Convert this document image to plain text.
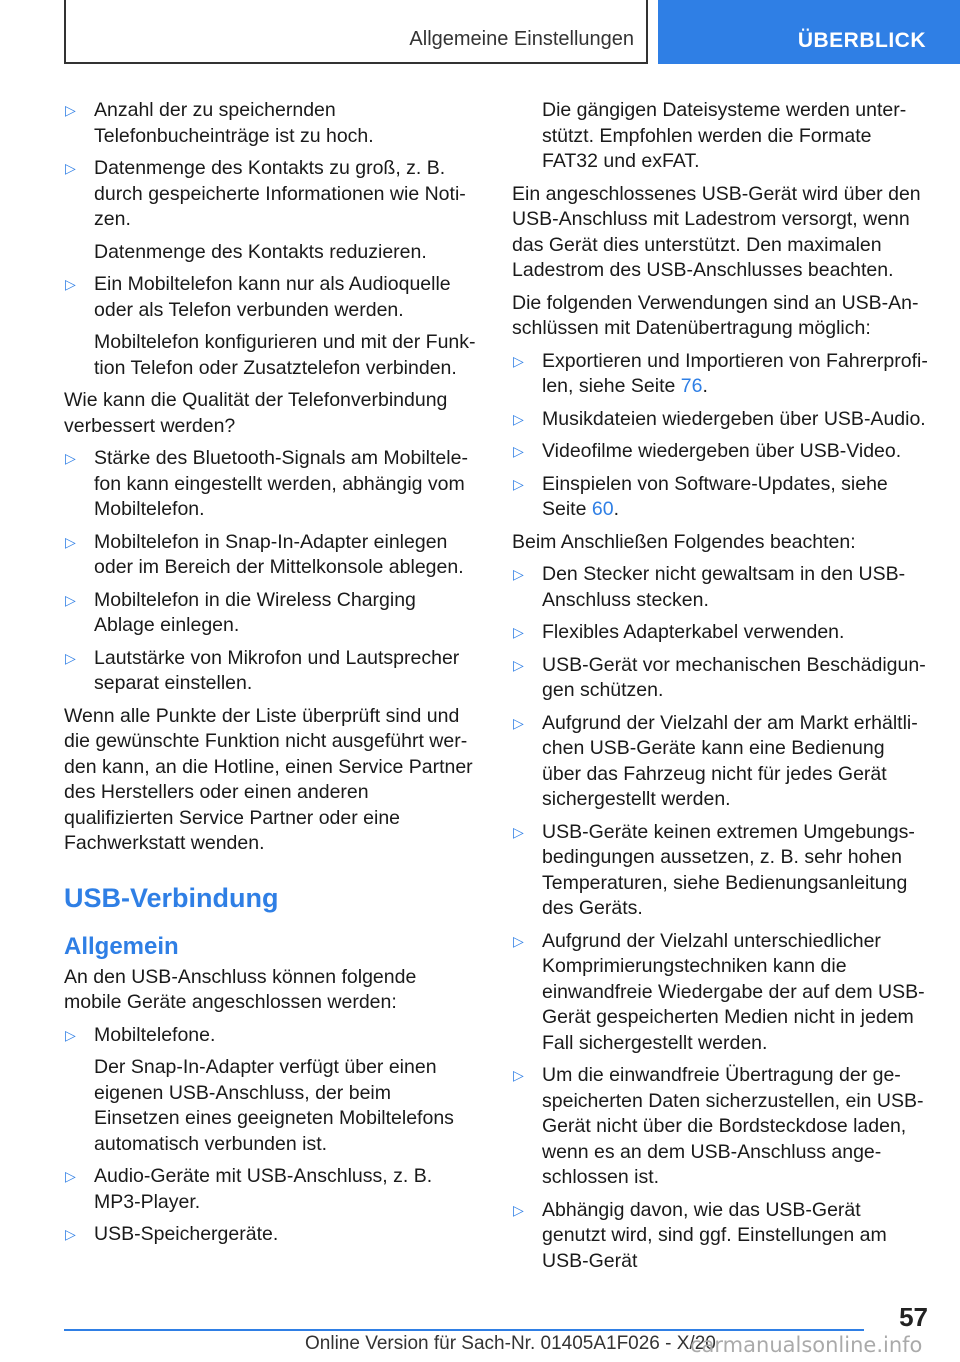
Allgemeine Einstellungen	ÜBERBLICK
▷ Anzahl der zu speichernden Telefonbucheinträge ist zu hoch.
▷ Datenmenge des Kontakts zu groß, z. B. durch gespeicherte Informationen wie Notizen.
Datenmenge des Kontakts reduzieren.
▷ Ein Mobiltelefon kann nur als Audioquelle oder als Telefon verbunden werden.
Mobiltelefon konfigurieren und mit der Funktion Telefon oder Zusatztelefon verbinden.
Wie kann die Qualität der Telefonverbindung verbessert werden?
▷ Stärke des Bluetooth-Signals am Mobiltelefon kann eingestellt werden, abhängig vom Mobiltelefon.
▷ Mobiltelefon in Snap-In-Adapter einlegen oder im Bereich der Mittelkonsole ablegen.
▷ Mobiltelefon in die Wireless Charging Ablage einlegen.
▷ Lautstärke von Mikrofon und Lautsprecher separat einstellen.
Wenn alle Punkte der Liste überprüft sind und die gewünschte Funktion nicht ausgeführt werden kann, an die Hotline, einen Service Partner des Herstellers oder einen anderen qualifizierten Service Partner oder eine Fachwerkstatt wenden.
USB-Verbindung
Allgemein
An den USB-Anschluss können folgende mobile Geräte angeschlossen werden:
▷ Mobiltelefone.
Der Snap-In-Adapter verfügt über einen eigenen USB-Anschluss, der beim Einsetzen eines geeigneten Mobiltelefons automatisch verbunden ist.
▷ Audio-Geräte mit USB-Anschluss, z. B. MP3-Player.
▷ USB-Speichergeräte.
Die gängigen Dateisysteme werden unterstützt. Empfohlen werden die Formate FAT32 und exFAT.
Ein angeschlossenes USB-Gerät wird über den USB-Anschluss mit Ladestrom versorgt, wenn das Gerät dies unterstützt. Den maximalen Ladestrom des USB-Anschlusses beachten.
Die folgenden Verwendungen sind an USB-Anschlüssen mit Datenübertragung möglich:
▷ Exportieren und Importieren von Fahrerprofilen, siehe Seite 76.
▷ Musikdateien wiedergeben über USB-Audio.
▷ Videofilme wiedergeben über USB-Video.
▷ Einspielen von Software-Updates, siehe Seite 60.
Beim Anschließen Folgendes beachten:
▷ Den Stecker nicht gewaltsam in den USB-Anschluss stecken.
▷ Flexibles Adapterkabel verwenden.
▷ USB-Gerät vor mechanischen Beschädigungen schützen.
▷ Aufgrund der Vielzahl der am Markt erhältlichen USB-Geräte kann eine Bedienung über das Fahrzeug nicht für jedes Gerät sichergestellt werden.
▷ USB-Geräte keinen extremen Umgebungsbedingungen aussetzen, z. B. sehr hohen Temperaturen, siehe Bedienungsanleitung des Geräts.
▷ Aufgrund der Vielzahl unterschiedlicher Komprimierungstechniken kann die einwandfreie Wiedergabe der auf dem USB-Gerät gespeicherten Medien nicht in jedem Fall sichergestellt werden.
▷ Um die einwandfreie Übertragung der gespeicherten Daten sicherzustellen, ein USB-Gerät nicht über die Bordsteckdose laden, wenn es an dem USB-Anschluss angeschlossen ist.
▷ Abhängig davon, wie das USB-Gerät genutzt wird, sind ggf. Einstellungen am USB-Gerät
57
Online Version für Sach-Nr. 01405A1F026 - X/20
carmanualsonline.info
